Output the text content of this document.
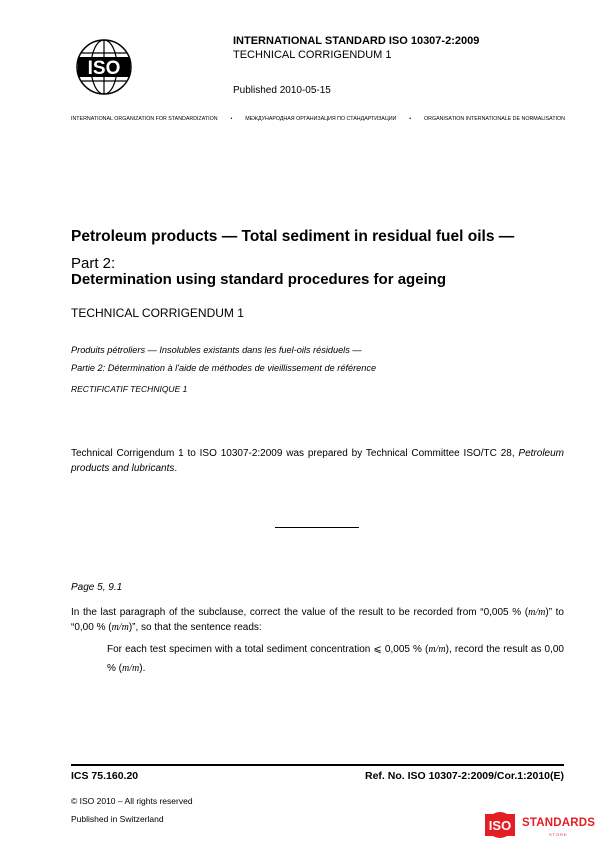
ISO
INTERNATIONAL STANDARD ISO 10307-2:2009
TECHNICAL CORRIGENDUM 1
Published 2010-05-15
INTERNATIONAL ORGANIZATION FOR STANDARDIZATION • МЕЖДУНАРОДНАЯ ОРГАНИЗАЦИЯ ПО СТАНДАРТИЗАЦИИ • ORGANISATION INTERNATIONALE DE NORMALISATION
Petroleum products — Total sediment in residual fuel oils —
Part 2:
Determination using standard procedures for ageing
TECHNICAL CORRIGENDUM 1
Produits pétroliers — Insolubles existants dans les fuel-oils résiduels —
Partie 2: Détermination à l'aide de méthodes de vieillissement de référence
RECTIFICATIF TECHNIQUE 1
Technical Corrigendum 1 to ISO 10307-2:2009 was prepared by Technical Committee ISO/TC 28, Petroleum products and lubricants.
Page 5, 9.1
In the last paragraph of the subclause, correct the value of the result to be recorded from “0,005 % (m/m)” to “0,00 % (m/m)”, so that the sentence reads:
For each test specimen with a total sediment concentration ⩽ 0,005 % (m/m), record the result as 0,00 % (m/m).
ICS 75.160.20	Ref. No. ISO 10307-2:2009/Cor.1:2010(E)
© ISO 2010 – All rights reserved
Published in Switzerland	ISO STANDARDS
STORE
